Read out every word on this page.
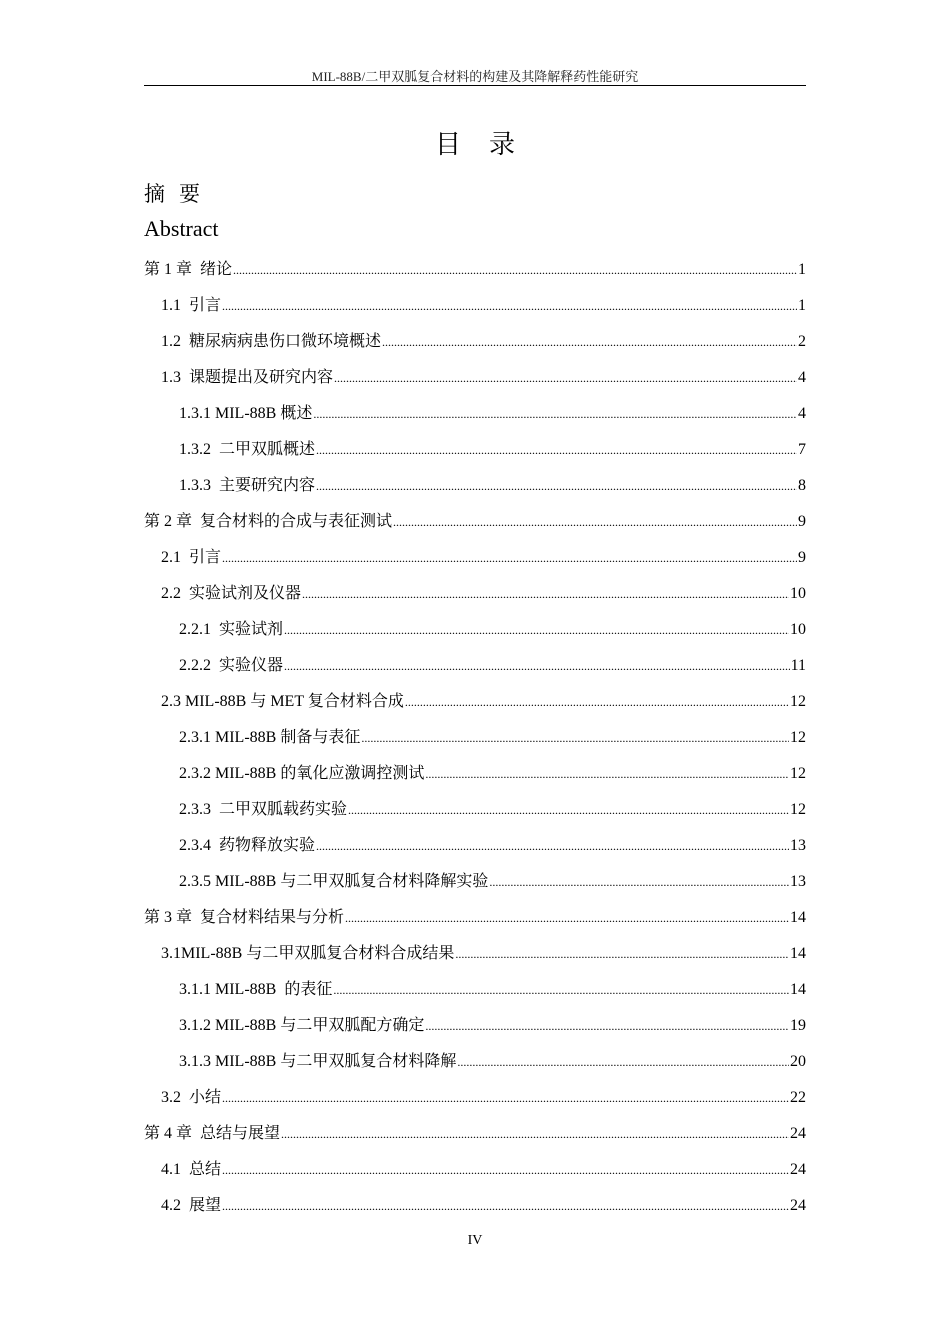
MIL-88B/二甲双胍复合材料的构建及其降解释药性能研究
目录
摘要
Abstract
第 1 章  绪论 .....	1
1.1  引言 .....	1
1.2  糖尿病病患伤口微环境概述 .....	2
1.3  课题提出及研究内容 .....	4
1.3.1 MIL-88B 概述 .....	4
1.3.2  二甲双胍概述 .....	7
1.3.3  主要研究内容 .....	8
第 2 章  复合材料的合成与表征测试 .....	9
2.1  引言 .....	9
2.2  实验试剂及仪器 .....	10
2.2.1  实验试剂 .....	10
2.2.2  实验仪器 .....	11
2.3 MIL-88B 与 MET 复合材料合成 .....	12
2.3.1 MIL-88B 制备与表征 .....	12
2.3.2 MIL-88B 的氧化应激调控测试 .....	12
2.3.3  二甲双胍载药实验 .....	12
2.3.4  药物释放实验 .....	13
2.3.5 MIL-88B 与二甲双胍复合材料降解实验 .....	13
第 3 章  复合材料结果与分析 .....	14
3.1MIL-88B 与二甲双胍复合材料合成结果 .....	14
3.1.1 MIL-88B  的表征 .....	14
3.1.2 MIL-88B 与二甲双胍配方确定 .....	19
3.1.3 MIL-88B 与二甲双胍复合材料降解 .....	20
3.2  小结 .....	22
第 4 章  总结与展望 .....	24
4.1  总结 .....	24
4.2  展望 .....	24
IV
